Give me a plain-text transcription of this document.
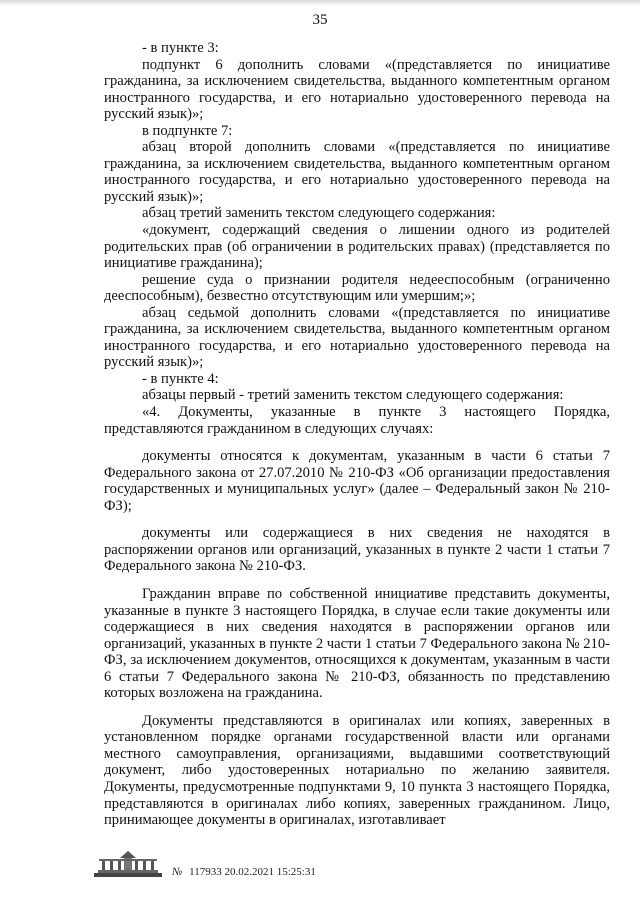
35

- в пункте 3:

подпункт 6 дополнить словами «(представляется по инициативе гражданина, за исключением свидетельства, выданного компетентным органом иностранного государства, и его нотариально удостоверенного перевода на русский язык)»;

в подпункте 7:

абзац второй дополнить словами «(представляется по инициативе гражданина, за исключением свидетельства, выданного компетентным органом иностранного государства, и его нотариально удостоверенного перевода на русский язык)»;

абзац третий заменить текстом следующего содержания:

«документ, содержащий сведения о лишении одного из родителей родительских прав (об ограничении в родительских правах) (представляется по инициативе гражданина);

решение суда о признании родителя недееспособным (ограниченно дееспособным), безвестно отсутствующим или умершим;»;

абзац седьмой дополнить словами «(представляется по инициативе гражданина, за исключением свидетельства, выданного компетентным органом иностранного государства, и его нотариально удостоверенного перевода на русский язык)»;

- в пункте 4:

абзацы первый - третий заменить текстом следующего содержания:

«4. Документы, указанные в пункте 3 настоящего Порядка, представляются гражданином в следующих случаях:

документы относятся к документам, указанным в части 6 статьи 7 Федерального закона от 27.07.2010 № 210-ФЗ «Об организации предоставления государственных и муниципальных услуг» (далее – Федеральный закон № 210-ФЗ);

документы или содержащиеся в них сведения не находятся в распоряжении органов или организаций, указанных в пункте 2 части 1 статьи 7 Федерального закона № 210-ФЗ.

Гражданин вправе по собственной инициативе представить документы, указанные в пункте 3 настоящего Порядка, в случае если такие документы или содержащиеся в них сведения находятся в распоряжении органов или организаций, указанных в пункте 2 части 1 статьи 7 Федерального закона № 210-ФЗ, за исключением документов, относящихся к документам, указанным в части 6 статьи 7 Федерального закона № 210-ФЗ, обязанность по представлению которых возложена на гражданина.

Документы представляются в оригиналах или копиях, заверенных в установленном порядке органами государственной власти или органами местного самоуправления, организациями, выдавшими соответствующий документ, либо удостоверенных нотариально по желанию заявителя. Документы, предусмотренные подпунктами 9, 10 пункта 3 настоящего Порядка, представляются в оригиналах либо копиях, заверенных гражданином. Лицо, принимающее документы в оригиналах, изготавливает

№ 117933 20.02.2021 15:25:31
